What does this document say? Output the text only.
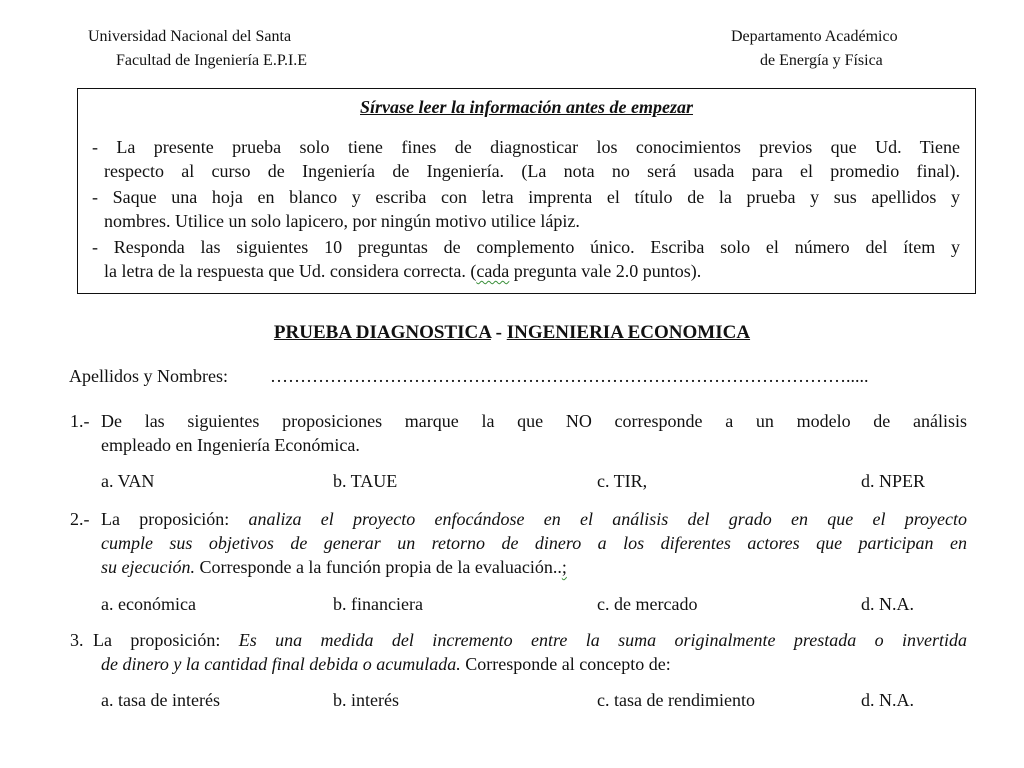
Universidad Nacional del Santa
Facultad de Ingeniería E.P.I.E
Departamento Académico
de Energía y Física
Sírvase leer la información antes de empezar
- La presente prueba solo tiene fines de diagnosticar los conocimientos previos que Ud. Tiene
respecto al curso de Ingeniería de Ingeniería. (La nota no será usada para el promedio final).
- Saque una hoja en blanco y escriba con letra imprenta el título de la prueba y sus apellidos y
nombres. Utilice un solo lapicero, por ningún motivo utilice lápiz.
- Responda las siguientes 10 preguntas de complemento único. Escriba solo el número del ítem y
la letra de la respuesta que Ud. considera correcta. (cada pregunta vale 2.0 puntos).
PRUEBA DIAGNOSTICA - INGENIERIA ECONOMICA
Apellidos y Nombres: …………………………………………………………………………………….....
1.- De las siguientes proposiciones marque la que NO corresponde a un modelo de análisis
empleado en Ingeniería Económica.
a. VAN	b. TAUE	c. TIR,	d. NPER
2.- La proposición: analiza el proyecto enfocándose en el análisis del grado en que el proyecto
cumple sus objetivos de generar un retorno de dinero a los diferentes actores que participan en
su ejecución. Corresponde a la función propia de la evaluación..;
a. económica	b. financiera	c. de mercado	d. N.A.
3. La proposición: Es una medida del incremento entre la suma originalmente prestada o invertida
de dinero y la cantidad final debida o acumulada. Corresponde al concepto de:
a. tasa de interés	b. interés	c. tasa de rendimiento	d. N.A.
